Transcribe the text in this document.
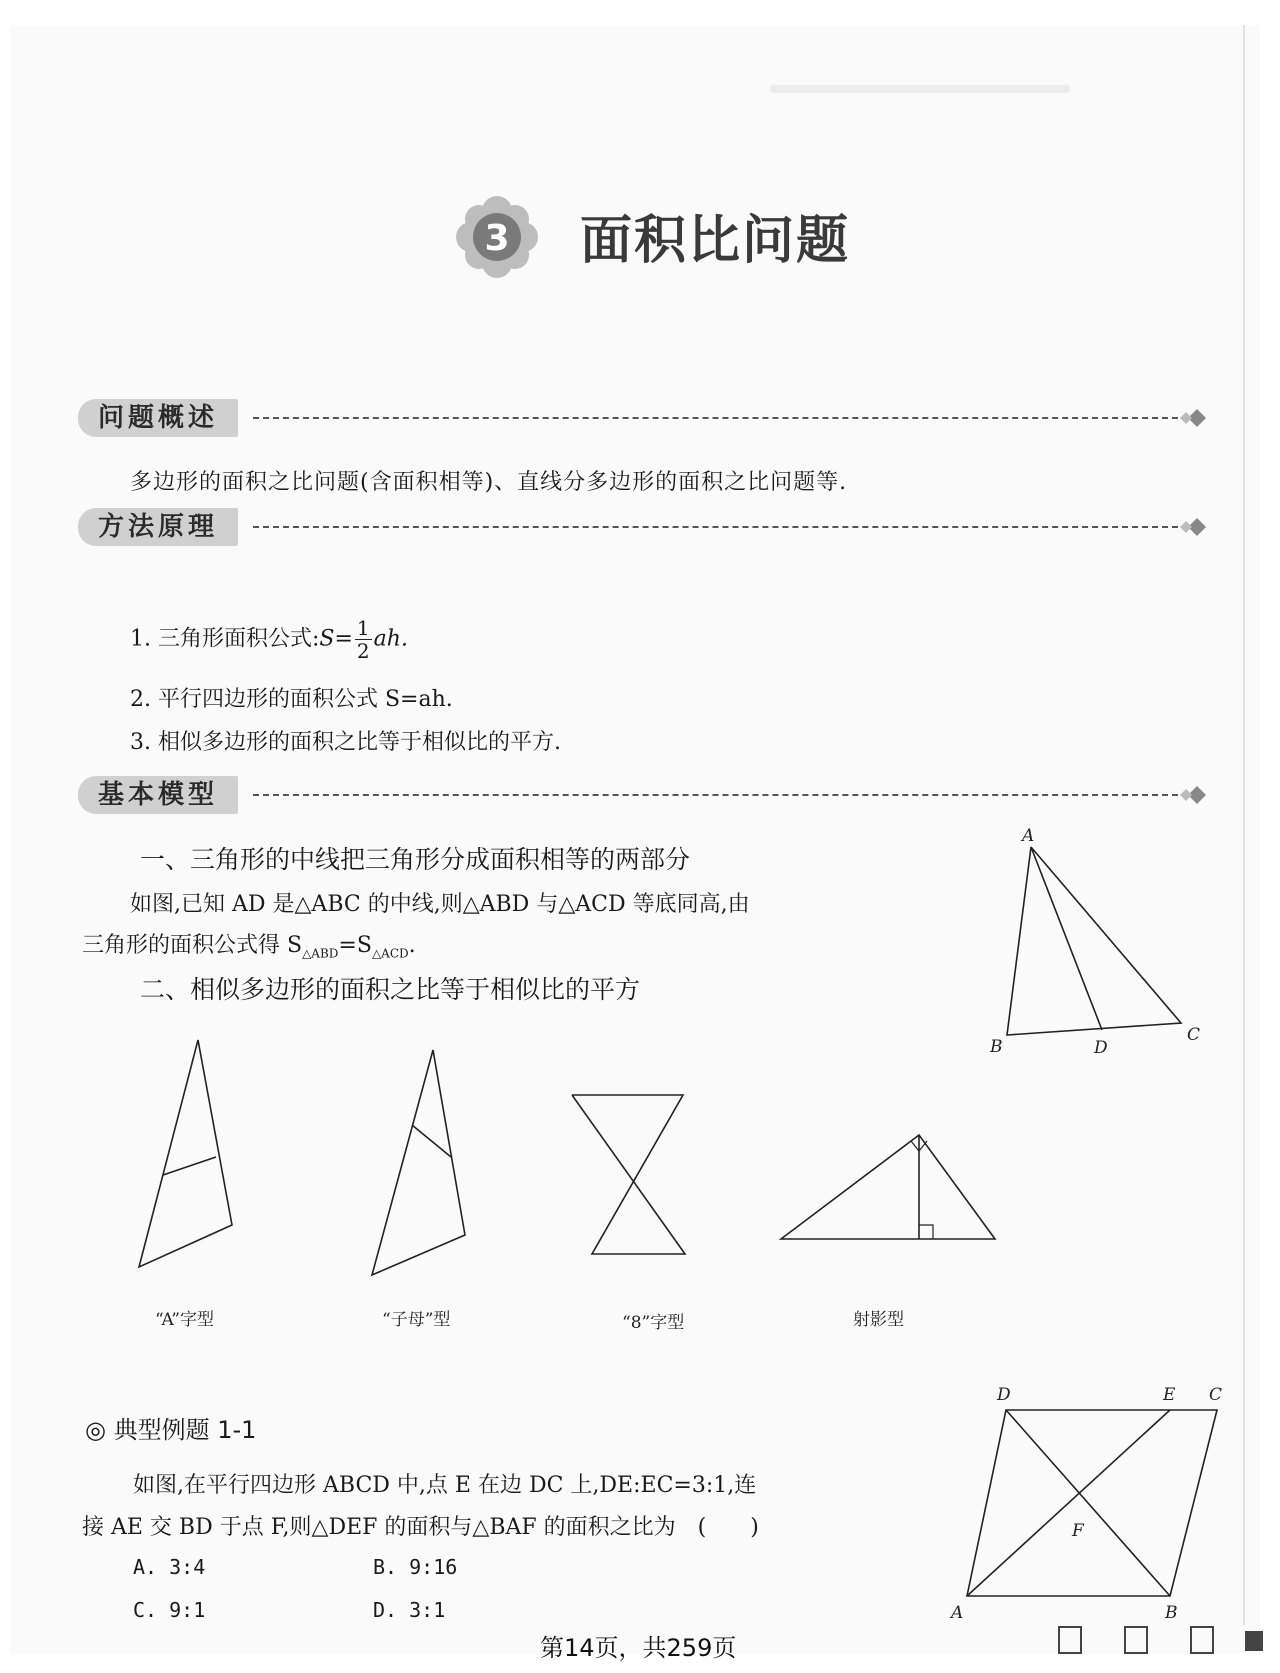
3 面积比问题
问题概述
多边形的面积之比问题(含面积相等)、直线分多边形的面积之比问题等.
方法原理
1. 三角形面积公式:S= $\frac{1}{2}$ ah.
2. 平行四边形的面积公式 S=ah.
3. 相似多边形的面积之比等于相似比的平方.
基本模型
一、三角形的中线把三角形分成面积相等的两部分
如图,已知 AD 是△ABC 的中线,则△ABD 与△ACD 等底同高,由
三角形的面积公式得 $S_{\triangle ABD}=S_{\triangle ACD}$.
二、相似多边形的面积之比等于相似比的平方
A
B	D
C
“A”字型	“子母”型	“8”字型	射影型
◎ 典型例题 1-1
如图,在平行四边形 ABCD 中,点 E 在边 DC 上,DE:EC=3:1,连
接 AE 交 BD 于点 F,则△DEF 的面积与△BAF 的面积之比为　(　　)
A. 3:4	B. 9:16
C. 9:1	D. 3:1
D	E C
F
A	B
第14页，共259页
